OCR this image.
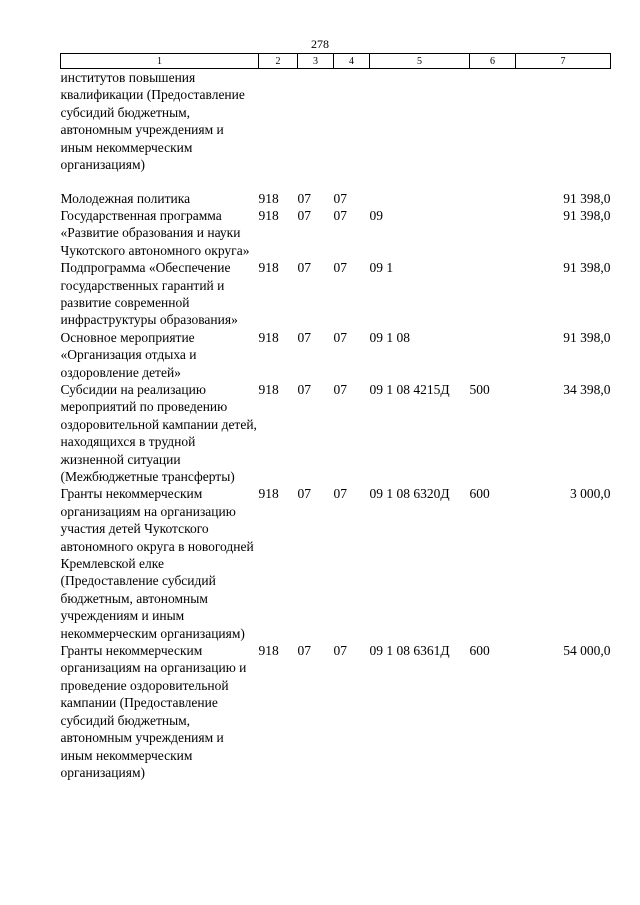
278
1	2	3	4	5	6	7
институтов повышения квалификации (Предоставление субсидий бюджетным, автономным учреждениям и иным некоммерческим организациям)						
Молодежная политика	918	07	07			91 398,0
Государственная программа «Развитие образования и науки Чукотского автономного округа»	918	07	07	09		91 398,0
Подпрограмма «Обеспечение государственных гарантий и развитие современной инфраструктуры образования»	918	07	07	09 1		91 398,0
Основное мероприятие «Организация отдыха и оздоровление детей»	918	07	07	09 1 08		91 398,0
Субсидии на реализацию мероприятий по проведению оздоровительной кампании детей, находящихся в трудной жизненной ситуации (Межбюджетные трансферты)	918	07	07	09 1 08 4215Д	500	34 398,0
Гранты некоммерческим организациям на организацию участия детей Чукотского автономного округа в новогодней Кремлевской елке (Предоставление субсидий бюджетным, автономным учреждениям и иным некоммерческим организациям)	918	07	07	09 1 08 6320Д	600	3 000,0
Гранты некоммерческим организациям на организацию и проведение оздоровительной кампании (Предоставление субсидий бюджетным, автономным учреждениям и иным некоммерческим организациям)	918	07	07	09 1 08 6361Д	600	54 000,0
